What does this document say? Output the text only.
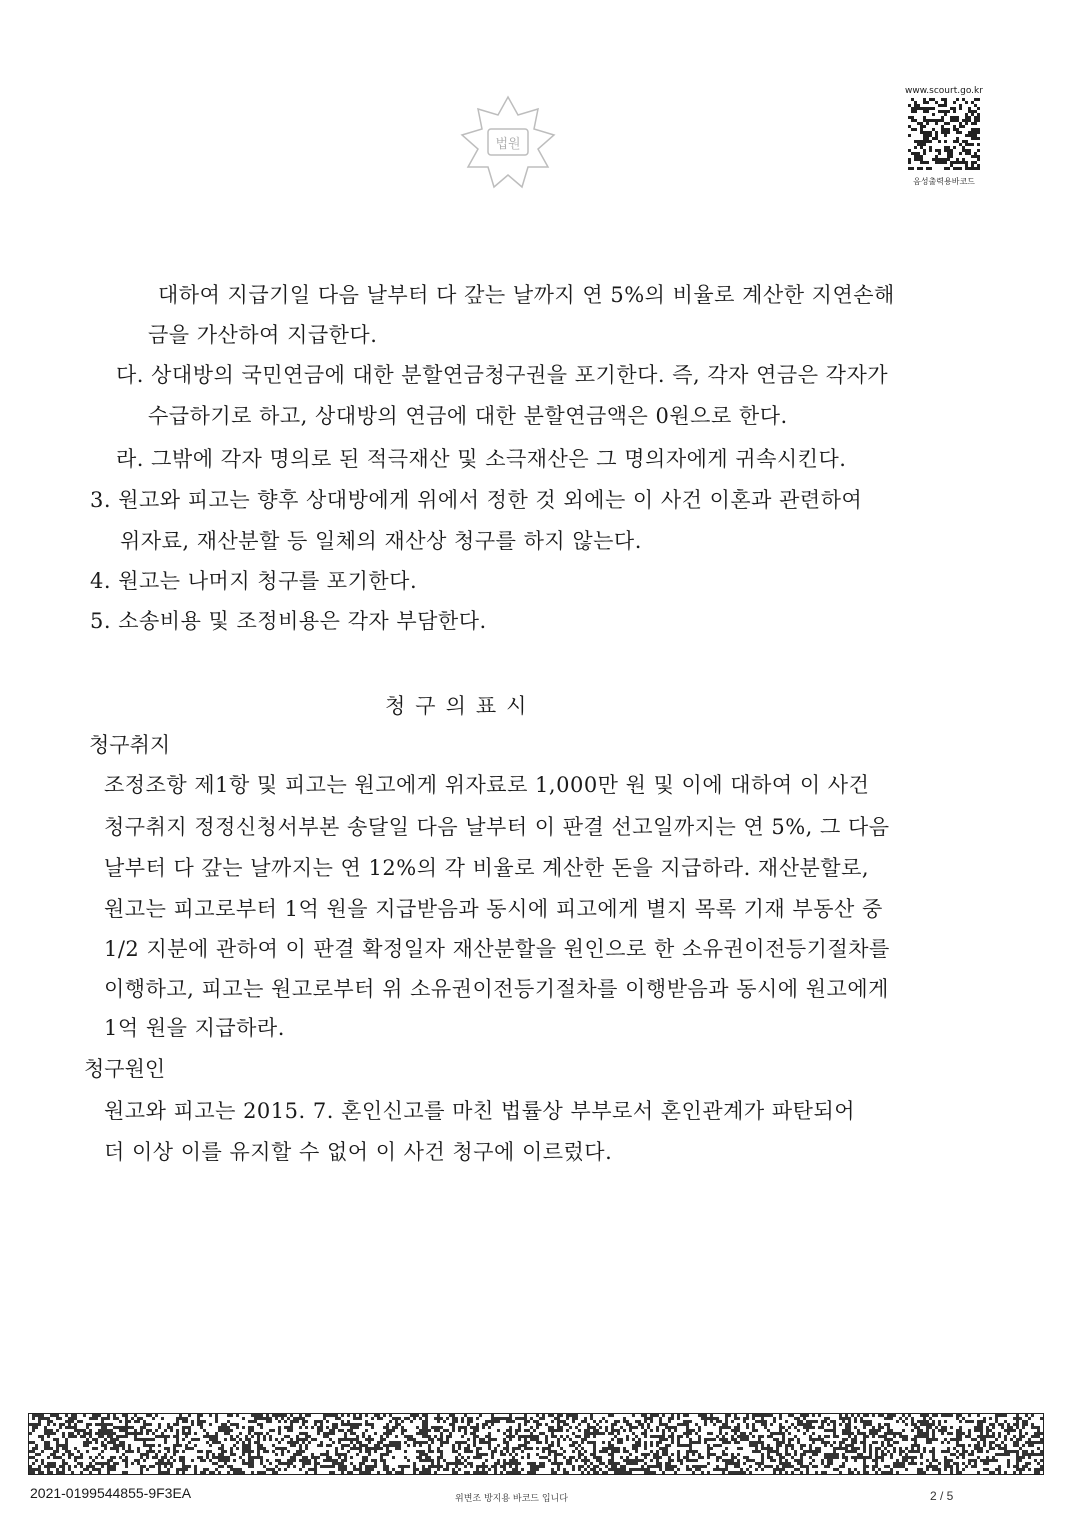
법원
www.scourt.go.kr
음성출력용바코드
대하여 지급기일 다음 날부터 다 갚는 날까지 연 5%의 비율로 계산한 지연손해
금을 가산하여 지급한다.
다. 상대방의 국민연금에 대한 분할연금청구권을 포기한다. 즉, 각자 연금은 각자가
수급하기로 하고, 상대방의 연금에 대한 분할연금액은 0원으로 한다.
라. 그밖에 각자 명의로 된 적극재산 및 소극재산은 그 명의자에게 귀속시킨다.
3. 원고와 피고는 향후 상대방에게 위에서 정한 것 외에는 이 사건 이혼과 관련하여
위자료, 재산분할 등 일체의 재산상 청구를 하지 않는다.
4. 원고는 나머지 청구를 포기한다.
5. 소송비용 및 조정비용은 각자 부담한다.
청구의표시
청구취지
조정조항 제1항 및 피고는 원고에게 위자료로 1,000만 원 및 이에 대하여 이 사건
청구취지 정정신청서부본 송달일 다음 날부터 이 판결 선고일까지는 연 5%, 그 다음
날부터 다 갚는 날까지는 연 12%의 각 비율로 계산한 돈을 지급하라. 재산분할로,
원고는 피고로부터 1억 원을 지급받음과 동시에 피고에게 별지 목록 기재 부동산 중
1/2 지분에 관하여 이 판결 확정일자 재산분할을 원인으로 한 소유권이전등기절차를
이행하고, 피고는 원고로부터 위 소유권이전등기절차를 이행받음과 동시에 원고에게
1억 원을 지급하라.
청구원인
원고와 피고는 2015. 7. 혼인신고를 마친 법률상 부부로서 혼인관계가 파탄되어
더 이상 이를 유지할 수 없어 이 사건 청구에 이르렀다.
2021-0199544855-9F3EA	위변조 방지용 바코드 입니다	2 / 5
